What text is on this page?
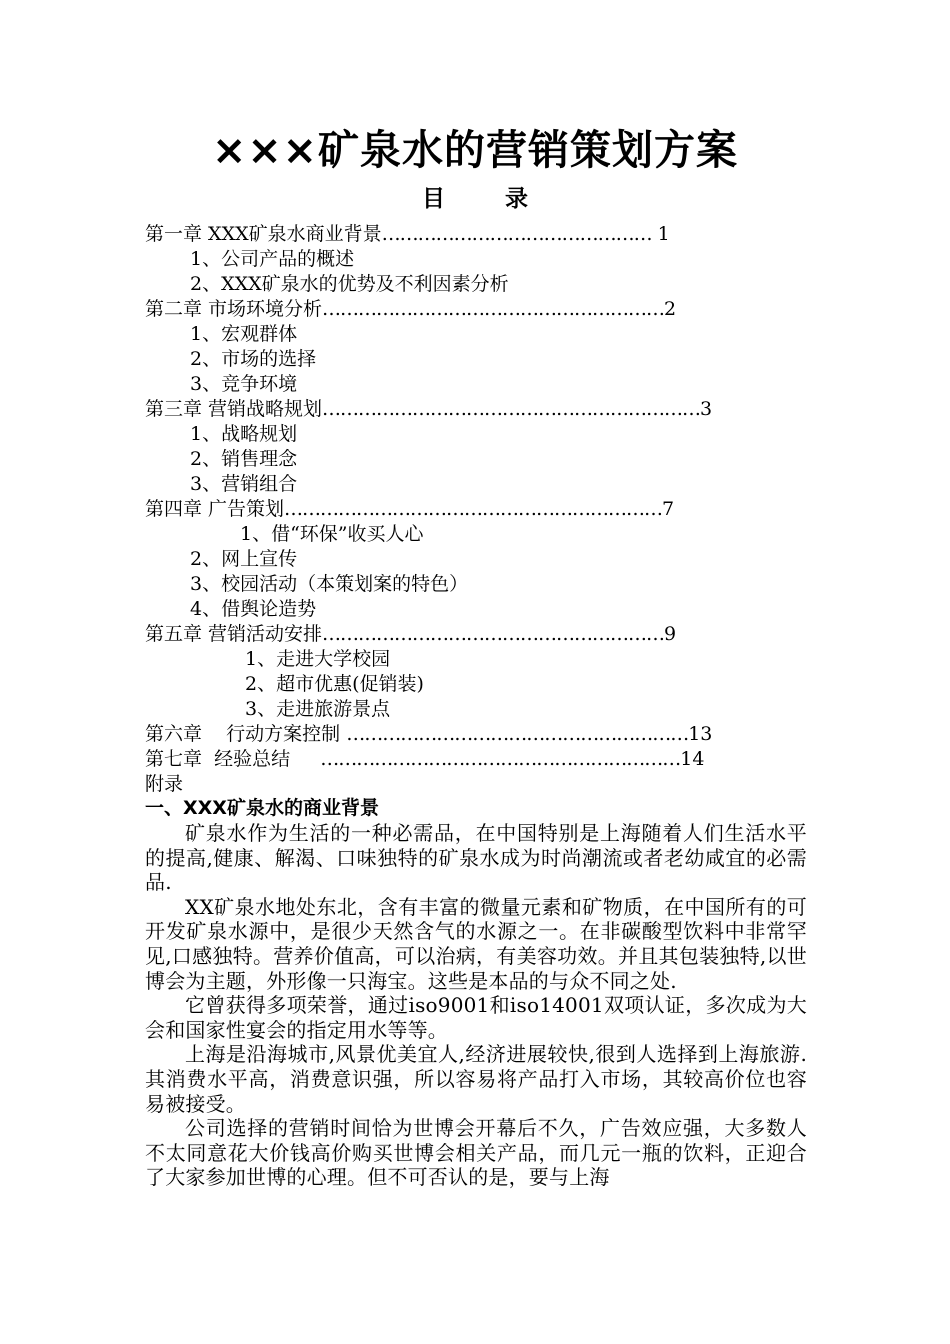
×××矿泉水的营销策划方案
目 录
第一章 XXX矿泉水商业背景……………………………………… 1
1、公司产品的概述
2、XXX矿泉水的优势及不利因素分析
第二章 市场环境分析…………………………………………………2
1、宏观群体
2、市场的选择
3、竞争环境
第三章 营销战略规划………………………………………………………3
1、战略规划
2、销售理念
3、营销组合
第四章 广告策划………………………………………………………7
1、借“环保”收买人心
2、网上宣传
3、校园活动（本策划案的特色）
4、借舆论造势
第五章 营销活动安排…………………………………………………9
1、走进大学校园
2、超市优惠(促销装)
3、走进旅游景点
第六章    行动方案控制 …………………………………………………13
第七章  经验总结     ……………………………………………………14
附录
一、XXX矿泉水的商业背景

矿泉水作为生活的一种必需品，在中国特别是上海随着人们生活水平的提高,健康、解渴、口味独特的矿泉水成为时尚潮流或者老幼咸宜的必需品.

XX矿泉水地处东北，含有丰富的微量元素和矿物质，在中国所有的可开发矿泉水源中，是很少天然含气的水源之一。在非碳酸型饮料中非常罕见,口感独特。营养价值高，可以治病，有美容功效。并且其包装独特,以世博会为主题，外形像一只海宝。这些是本品的与众不同之处.

它曾获得多项荣誉，通过iso9001和iso14001双项认证，多次成为大会和国家性宴会的指定用水等等。

上海是沿海城市,风景优美宜人,经济进展较快,很到人选择到上海旅游.其消费水平高，消费意识强，所以容易将产品打入市场，其较高价位也容易被接受。

公司选择的营销时间恰为世博会开幕后不久，广告效应强，大多数人不太同意花大价钱高价购买世博会相关产品，而几元一瓶的饮料，正迎合了大家参加世博的心理。但不可否认的是，要与上海
